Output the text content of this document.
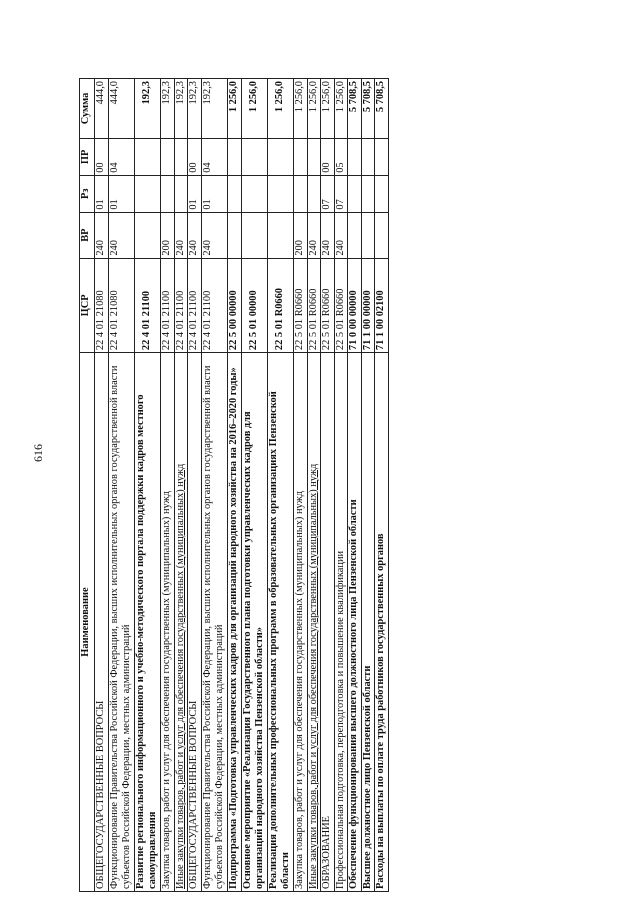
616
Наименование	ЦСР	ВР	Рз	ПР	Сумма
ОБЩЕГОСУДАРСТВЕННЫЕ ВОПРОСЫ	22 4 01 21080	240	01	00	444,0
Функционирование Правительства Российской Федерации, высших исполнительных органов государственной власти субъектов Российской Федерации, местных администраций	22 4 01 21080	240	01	04	444,0
Развитие регионального информационного и учебно-методического портала поддержки кадров местного самоуправления	22 4 01 21100				192,3
Закупка товаров, работ и услуг для обеспечения государственных (муниципальных) нужд	22 4 01 21100	200			192,3
Иные закупки товаров, работ и услуг для обеспечения государственных (муниципальных) нужд	22 4 01 21100	240			192,3
ОБЩЕГОСУДАРСТВЕННЫЕ ВОПРОСЫ	22 4 01 21100	240	01	00	192,3
Функционирование Правительства Российской Федерации, высших исполнительных органов государственной власти субъектов Российской Федерации, местных администраций	22 4 01 21100	240	01	04	192,3
Подпрограмма «Подготовка управленческих кадров для организаций народного хозяйства на 2016–2020 годы»	22 5 00 00000				1 256,0
Основное мероприятие «Реализация Государственного плана подготовки управленческих кадров для организаций народного хозяйства Пензенской области»	22 5 01 00000				1 256,0
Реализация дополнительных профессиональных программ в образовательных организациях Пензенской области	22 5 01 R0660				1 256,0
Закупка товаров, работ и услуг для обеспечения государственных (муниципальных) нужд	22 5 01 R0660	200			1 256,0
Иные закупки товаров, работ и услуг для обеспечения государственных (муниципальных) нужд	22 5 01 R0660	240			1 256,0
ОБРАЗОВАНИЕ	22 5 01 R0660	240	07	00	1 256,0
Профессиональная подготовка, переподготовка и повышение квалификации	22 5 01 R0660	240	07	05	1 256,0
Обеспечение функционирования высшего должностного лица Пензенской области	71 0 00 00000				5 708,5
Высшее должностное лицо Пензенской области	71 1 00 00000				5 708,5
Расходы на выплаты по оплате труда работников государственных органов	71 1 00 02100				5 708,5
